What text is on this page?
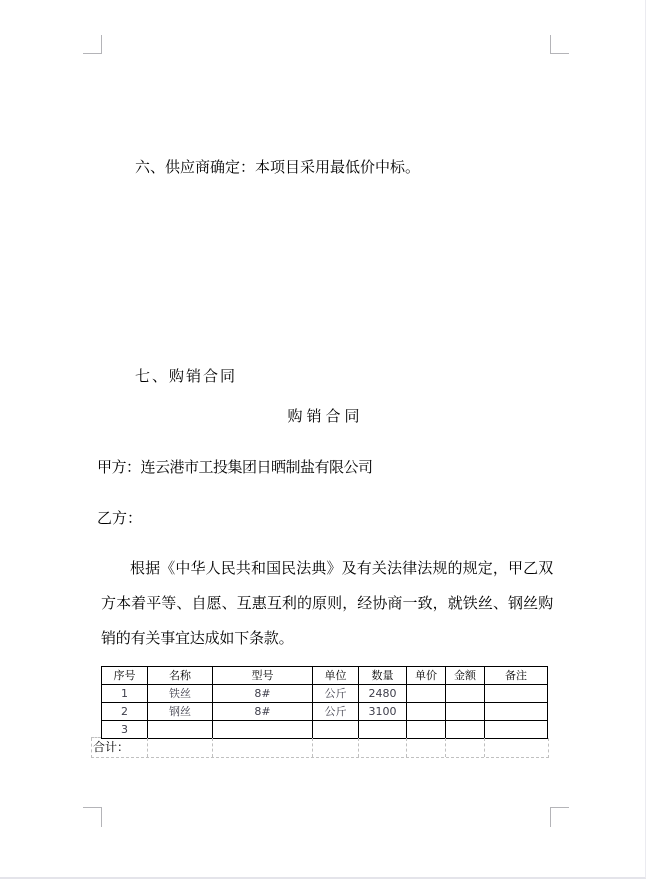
六、供应商确定：本项目采用最低价中标。
七、购销合同
购销合同
甲方：连云港市工投集团日晒制盐有限公司
乙方：
根据《中华人民共和国民法典》及有关法律法规的规定，甲乙双方本着平等、自愿、互惠互利的原则，经协商一致，就铁丝、钢丝购销的有关事宜达成如下条款。
序号	名称	型号	单位	数量	单价	金额	备注
1	铁丝	8#	公斤	2480			
2	钢丝	8#	公斤	3100			
3							
合计：
